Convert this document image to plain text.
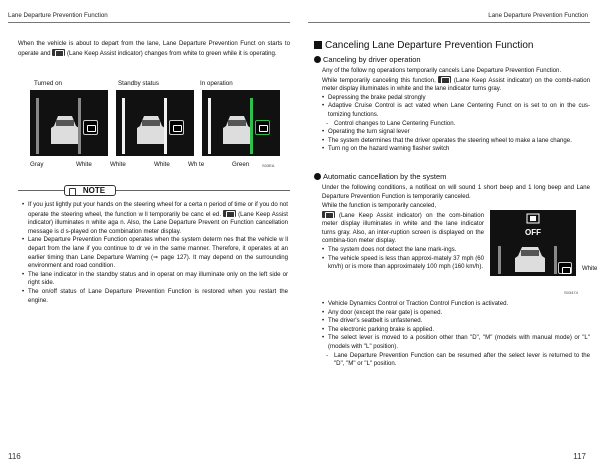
Lane Departure Prevention Function

When the vehicle is about to depart from the lane, Lane Departure Prevention Funct on starts to operate and	(Lane Keep Assist indicator) changes from white to green while it is operating.

Turned on	Standby status	In operation
Gray	White	White	White	Wh te	Green	S03EA
NOTE
• If you just lightly put your hands on the steering wheel for a certa n period of time or if you do not operate the steering wheel, the function w ll temporarily be canc el ed.	(Lane Keep Assist indicator) illuminates n white aga n. Also, the Lane Departure Prevent on Function cancellation message is d s-played on the combination meter display.
• Lane Departure Prevention Function operates when the system determ nes that the vehicle w ll depart from the lane if you continue to dr ve in the same manner. Therefore, it operates at an earlier timing than Lane Departure Warning (⇒ page 127). It may depend on the surrounding environment and road condition.
• The lane indicator in the standby status and in operat on may illuminate only on the left side or right side.
• The on/off status of Lane Departure Prevention Function is restored when you restart the engine.
116
Lane Departure Prevention Function
Canceling Lane Departure Prevention Function
Canceling by driver operation

Any of the follow ng operations temporarily cancels Lane Departure Prevention Function.

While temporarily canceling this function,	(Lane Keep Assist indicator) on the combi-nation meter display illuminates in white and the lane indicator turns gray.

• Depressing the brake pedal strongly
• Adaptive Cruise Control is act vated when Lane Centering Funct on is set to on in the cus-tomizing functions.
- Control changes to Lane Centering Function.
• Operating the turn signal lever
• The system determines that the driver operates the steering wheel to make a lane change.
• Turn ng on the hazard warning flasher switch
Automatic cancellation by the system

Under the following conditions, a notificat on will sound 1 short beep and 1 long beep and Lane Departure Prevention Function is temporarily canceled.

While the function is temporarily canceled,

(Lane Keep Assist indicator) on the com-bination meter display illuminates in white and the lane indicator turns gray. Also, an inter-ruption screen is displayed on the combina-tion meter display.

• The system does not detect the lane mark-ings.
• The vehicle speed is less than approxi-mately 37 mph (60 km/h) or is more than approximately 100 mph (160 km/h).
OFF
White
S03474
• Vehicle Dynamics Control or Traction Control Function is activated.
• Any door (except the rear gate) is opened.
• The driver's seatbelt is unfastened.
• The electronic parking brake is applied.
• The select lever is moved to a position other than "D", "M" (models with manual mode) or "L" (models with "L" position).
- Lane Departure Prevention Function can be resumed after the select lever is returned to the "D", "M" or "L" position.
117
